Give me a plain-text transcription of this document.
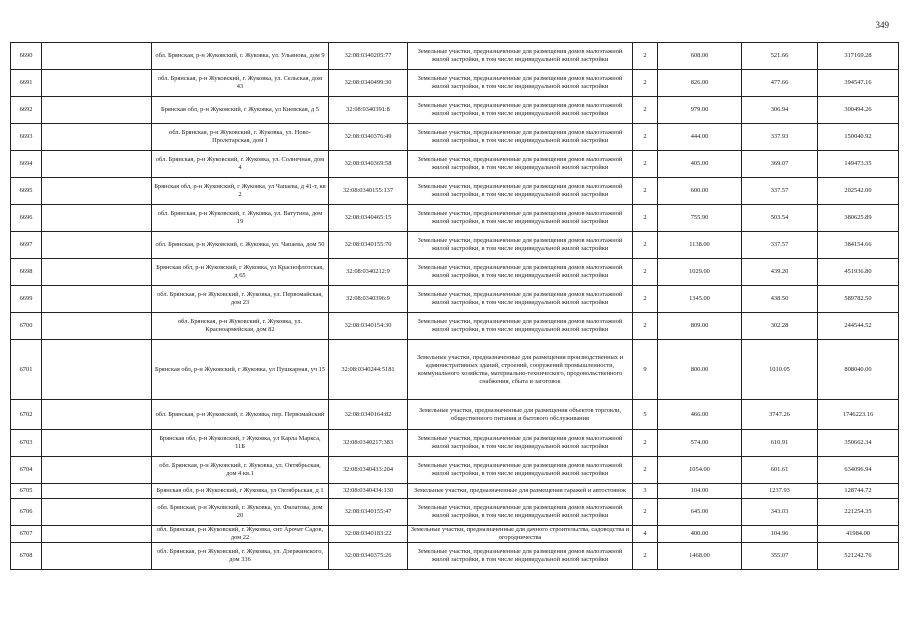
349
6690		обл. Брянская, р-н Жуковский, г. Жуковка, ул. Ульянова, дом 9	32:08:0340205:77	Земельные участки, предназначенные для размещения домов малоэтажной жилой застройки, в том числе индивидуальной жилой застройки	2	608.00	521.66	317169.28
6691		обл. Брянская, р-н Жуковский, г. Жуковка, ул. Сельская, дом 43	32:08:0340499:30	Земельные участки, предназначенные для размещения домов малоэтажной жилой застройки, в том числе индивидуальной жилой застройки	2	826.00	477.66	394547.16
6692		Брянская обл, р-н Жуковский, г Жуковка, ул Киевская, д 5	32:08:0340391:8	Земельные участки, предназначенные для размещения домов малоэтажной жилой застройки, в том числе индивидуальной жилой застройки	2	979.00	306.94	300494.26
6693		обл. Брянская, р-н Жуковский, г. Жуковка, ул. Ново-Пролетарская, дом 1	32:08:0340376:49	Земельные участки, предназначенные для размещения домов малоэтажной жилой застройки, в том числе индивидуальной жилой застройки	2	444.00	337.93	150040.92
6694		обл. Брянская, р-н Жуковский, г. Жуковка, ул. Солнечная, дом 4	32:08:0340369:58	Земельные участки, предназначенные для размещения домов малоэтажной жилой застройки, в том числе индивидуальной жилой застройки	2	405.00	369.07	149473.35
6695		Брянская обл, р-н Жуковский, г Жуковка, ул Чапаева, д 41-т, кв 2	32:08:0340155:137	Земельные участки, предназначенные для размещения домов малоэтажной жилой застройки, в том числе индивидуальной жилой застройки	2	600.00	337.57	202542.00
6696		обл. Брянская, р-н Жуковский, г. Жуковка, ул. Ватутина, дом 19	32:08:0340465:15	Земельные участки, предназначенные для размещения домов малоэтажной жилой застройки, в том числе индивидуальной жилой застройки	2	755.90	503.54	380625.89
6697		обл. Брянская, р-н Жуковский, г. Жуковка, ул. Чапаева, дом 50	32:08:0340155:70	Земельные участки, предназначенные для размещения домов малоэтажной жилой застройки, в том числе индивидуальной жилой застройки	2	1138.00	337.57	384154.66
6698		Брянская обл, р-н Жуковский, г Жуковка, ул Краснофлотская, д 65	32:08:0340212:9	Земельные участки, предназначенные для размещения домов малоэтажной жилой застройки, в том числе индивидуальной жилой застройки	2	1029.00	439.20	451936.80
6699		обл. Брянская, р-н Жуковский, г. Жуковка, ул. Первомайская, дом 23	32:08:0340396:9	Земельные участки, предназначенные для размещения домов малоэтажной жилой застройки, в том числе индивидуальной жилой застройки	2	1345.00	438.50	589782.50
6700		обл. Брянская, р-н Жуковский, г. Жуковка, ул. Красноармейская, дом 82	32:08:0340154:30	Земельные участки, предназначенные для размещения домов малоэтажной жилой застройки, в том числе индивидуальной жилой застройки	2	809.00	302.28	244544.52
6701		Брянская обл, р-н Жуковский, г Жуковка, ул Пушкарная, уч 15	32:08:0340244:5181	Земельные участки, предназначенные для размещения производственных и административных зданий, строений, сооружений промышленности, коммунального хозяйства, материально-технического, продовольственного снабжения, сбыта и заготовок	9	800.00	1010.05	808040.00
6702		обл. Брянская, р-н Жуковский, г. Жуковка, пер. Первомайский	32:08:0340164:82	Земельные участки, предназначенные для размещения объектов торговли, общественного питания и бытового обслуживания	5	466.00	3747.26	1746223.16
6703		Брянская обл, р-н Жуковский, г Жуковка, ул Карла Маркса, 11Б	32:08:0340217:383	Земельные участки, предназначенные для размещения домов малоэтажной жилой застройки, в том числе индивидуальной жилой застройки	2	574.00	610.91	350662.34
6704		обл. Брянская, р-н Жуковский, г. Жуковка, ул. Октябрьская, дом 4 кв.1	32:08:0340433:204	Земельные участки, предназначенные для размещения домов малоэтажной жилой застройки, в том числе индивидуальной жилой застройки	2	1054.00	601.61	634096.94
6705		Брянская обл, р-н Жуковский, г Жуковка, ул Октябрьская, д 1	32:08:0340434:130	Земельные участки, предназначенные для размещения гаражей и автостоянок	3	104.00	1237.93	128744.72
6706		обл. Брянская, р-н Жуковский, г. Жуковка, ул. Филатова, дом 20	32:08:0340155:47	Земельные участки, предназначенные для размещения домов малоэтажной жилой застройки, в том числе индивидуальной жилой застройки	2	645.00	343.03	221254.35
6707		обл. Брянская, р-н Жуковский, г. Жуковка, снт Арочат Садов, дом 22	32:08:0340183:22	Земельные участки, предназначенные для дачного строительства, садоводства и огородничества	4	400.00	104.96	41984.00
6708		обл. Брянская, р-н Жуковский, г. Жуковка, ул. Дзержинского, дом 336	32:08:0340375:26	Земельные участки, предназначенные для размещения домов малоэтажной жилой застройки, в том числе индивидуальной жилой застройки	2	1468.00	355.07	521242.76
